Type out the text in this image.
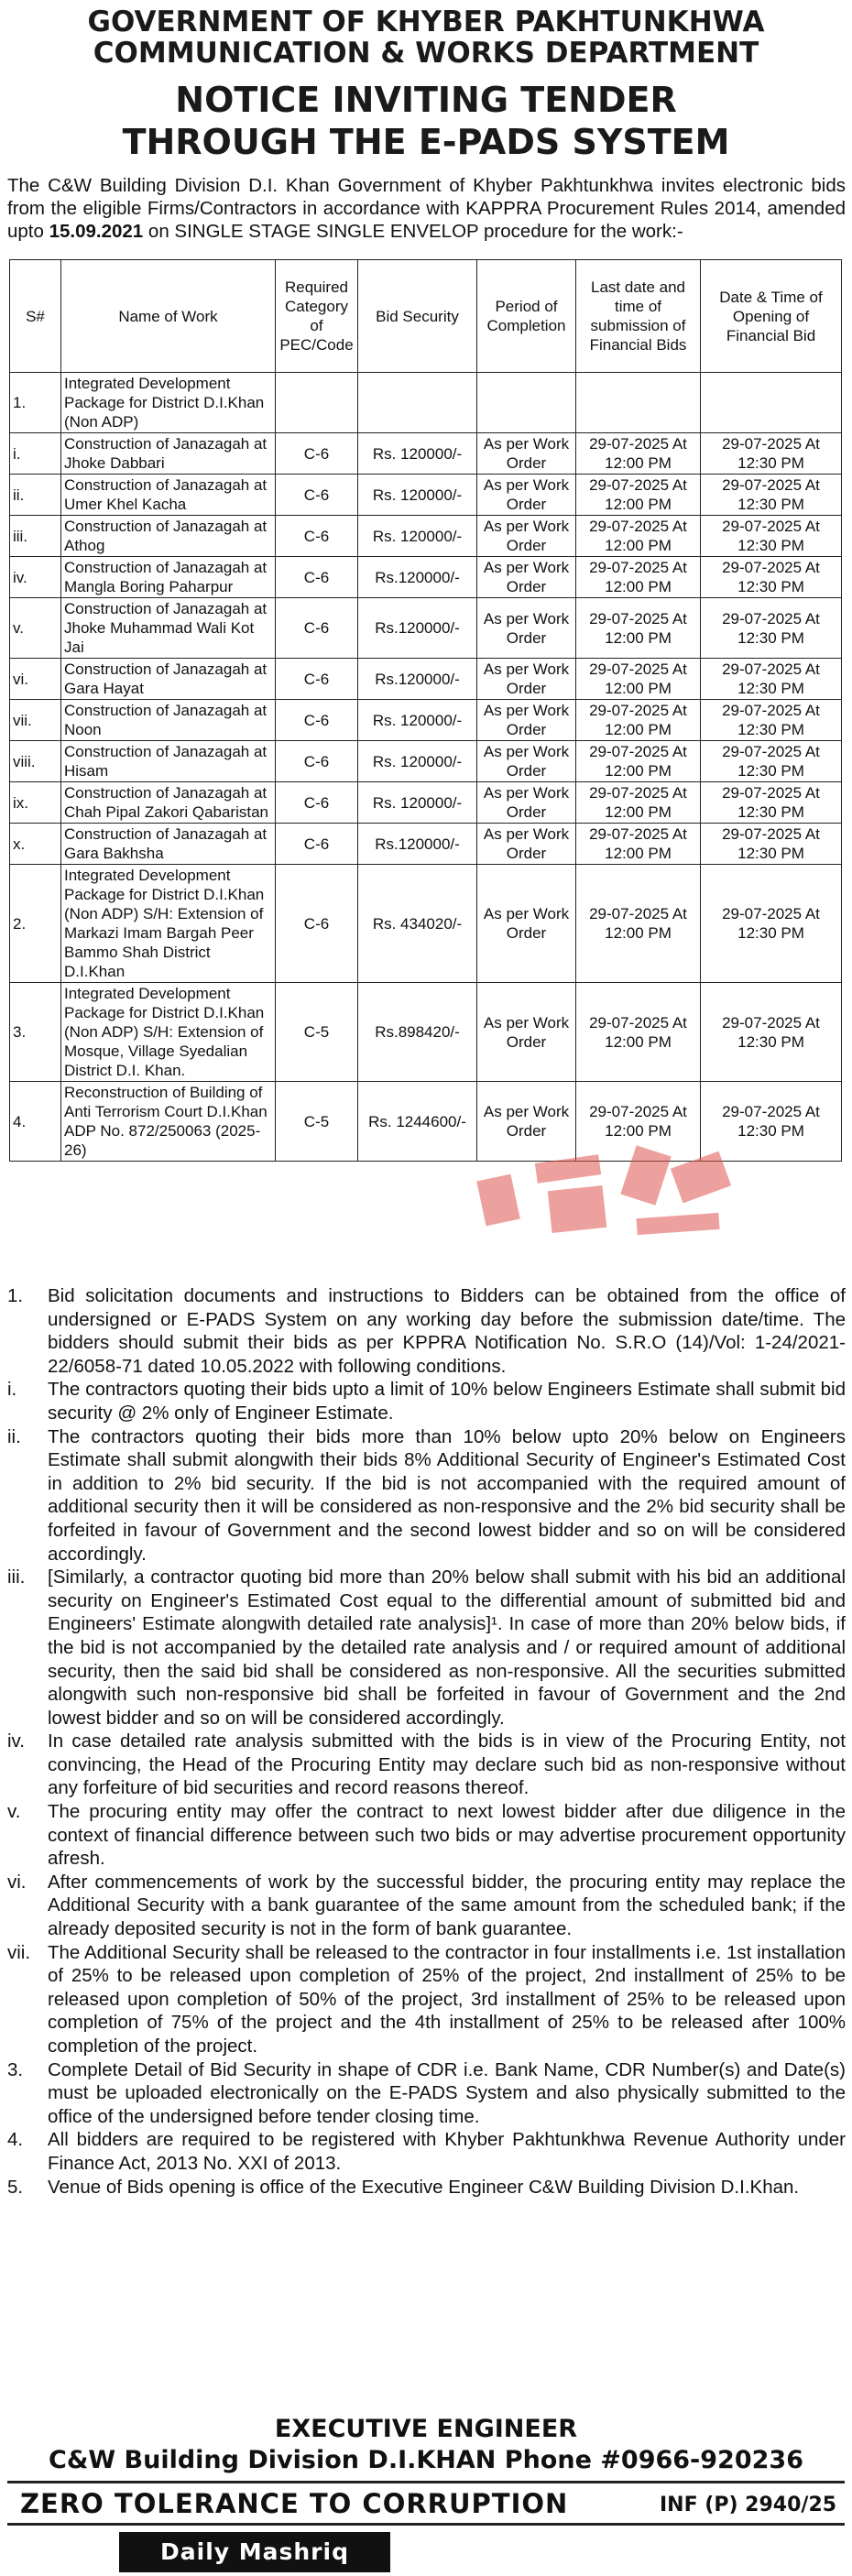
GOVERNMENT OF KHYBER PAKHTUNKHWA
COMMUNICATION & WORKS DEPARTMENT
NOTICE INVITING TENDER
THROUGH THE E-PADS SYSTEM
The C&W Building Division D.I. Khan Government of Khyber Pakhtunkhwa invites electronic bids from the eligible Firms/Contractors in accordance with KAPPRA Procurement Rules 2014, amended upto 15.09.2021 on SINGLE STAGE SINGLE ENVELOP procedure for the work:-
S#	Name of Work	Required Category of PEC/Code	Bid Security	Period of Completion	Last date and time of submission of Financial Bids	Date & Time of Opening of Financial Bid
1.	Integrated Development Package for District D.I.Khan (Non ADP)					
i.	Construction of Janazagah at Jhoke Dabbari	C-6	Rs. 120000/-	As per Work Order	29-07-2025 At 12:00 PM	29-07-2025 At 12:30 PM
ii.	Construction of Janazagah at Umer Khel Kacha	C-6	Rs. 120000/-	As per Work Order	29-07-2025 At 12:00 PM	29-07-2025 At 12:30 PM
iii.	Construction of Janazagah at Athog	C-6	Rs. 120000/-	As per Work Order	29-07-2025 At 12:00 PM	29-07-2025 At 12:30 PM
iv.	Construction of Janazagah at Mangla Boring Paharpur	C-6	Rs.120000/-	As per Work Order	29-07-2025 At 12:00 PM	29-07-2025 At 12:30 PM
v.	Construction of Janazagah at Jhoke Muhammad Wali Kot Jai	C-6	Rs.120000/-	As per Work Order	29-07-2025 At 12:00 PM	29-07-2025 At 12:30 PM
vi.	Construction of Janazagah at Gara Hayat	C-6	Rs.120000/-	As per Work Order	29-07-2025 At 12:00 PM	29-07-2025 At 12:30 PM
vii.	Construction of Janazagah at Noon	C-6	Rs. 120000/-	As per Work Order	29-07-2025 At 12:00 PM	29-07-2025 At 12:30 PM
viii.	Construction of Janazagah at Hisam	C-6	Rs. 120000/-	As per Work Order	29-07-2025 At 12:00 PM	29-07-2025 At 12:30 PM
ix.	Construction of Janazagah at Chah Pipal Zakori Qabaristan	C-6	Rs. 120000/-	As per Work Order	29-07-2025 At 12:00 PM	29-07-2025 At 12:30 PM
x.	Construction of Janazagah at Gara Bakhsha	C-6	Rs.120000/-	As per Work Order	29-07-2025 At 12:00 PM	29-07-2025 At 12:30 PM
2.	Integrated Development Package for District D.I.Khan (Non ADP) S/H: Extension of Markazi Imam Bargah Peer Bammo Shah District D.I.Khan	C-6	Rs. 434020/-	As per Work Order	29-07-2025 At 12:00 PM	29-07-2025 At 12:30 PM
3.	Integrated Development Package for District D.I.Khan (Non ADP) S/H: Extension of Mosque, Village Syedalian District D.I. Khan.	C-5	Rs.898420/-	As per Work Order	29-07-2025 At 12:00 PM	29-07-2025 At 12:30 PM
4.	Reconstruction of Building of Anti Terrorism Court D.I.Khan ADP No. 872/250063 (2025-26)	C-5	Rs. 1244600/-	As per Work Order	29-07-2025 At 12:00 PM	29-07-2025 At 12:30 PM
1.	Bid solicitation documents and instructions to Bidders can be obtained from the office of undersigned or E-PADS System on any working day before the submission date/time. The bidders should submit their bids as per KPPRA Notification No. S.R.O (14)/Vol: 1-24/2021-22/6058-71 dated 10.05.2022 with following conditions.
i.	The contractors quoting their bids upto a limit of 10% below Engineers Estimate shall submit bid security @ 2% only of Engineer Estimate.
ii.	The contractors quoting their bids more than 10% below upto 20% below on Engineers Estimate shall submit alongwith their bids 8% Additional Security of Engineer's Estimated Cost in addition to 2% bid security. If the bid is not accompanied with the required amount of additional security then it will be considered as non-responsive and the 2% bid security shall be forfeited in favour of Government and the second lowest bidder and so on will be considered accordingly.
iii.	[Similarly, a contractor quoting bid more than 20% below shall submit with his bid an additional security on Engineer's Estimated Cost equal to the differential amount of submitted bid and Engineers' Estimate alongwith detailed rate analysis]¹. In case of more than 20% below bids, if the bid is not accompanied by the detailed rate analysis and / or required amount of additional security, then the said bid shall be considered as non-responsive. All the securities submitted alongwith such non-responsive bid shall be forfeited in favour of Government and the 2nd lowest bidder and so on will be considered accordingly.
iv.	In case detailed rate analysis submitted with the bids is in view of the Procuring Entity, not convincing, the Head of the Procuring Entity may declare such bid as non-responsive without any forfeiture of bid securities and record reasons thereof.
v.	The procuring entity may offer the contract to next lowest bidder after due diligence in the context of financial difference between such two bids or may advertise procurement opportunity afresh.
vi.	After commencements of work by the successful bidder, the procuring entity may replace the Additional Security with a bank guarantee of the same amount from the scheduled bank; if the already deposited security is not in the form of bank guarantee.
vii. The Additional Security shall be released to the contractor in four installments i.e. 1st installation of 25% to be released upon completion of 25% of the project, 2nd installment of 25% to be released upon completion of 50% of the project, 3rd installment of 25% to be released upon completion of 75% of the project and the 4th installment of 25% to be released after 100% completion of the project.
3.	Complete Detail of Bid Security in shape of CDR i.e. Bank Name, CDR Number(s) and Date(s) must be uploaded electronically on the E-PADS System and also physically submitted to the office of the undersigned before tender closing time.
4.	All bidders are required to be registered with Khyber Pakhtunkhwa Revenue Authority under Finance Act, 2013 No. XXI of 2013.
5.	Venue of Bids opening is office of the Executive Engineer C&W Building Division D.I.Khan.
EXECUTIVE ENGINEER
C&W Building Division D.I.KHAN Phone #0966-920236
ZERO TOLERANCE TO CORRUPTION	INF (P) 2940/25
Daily Mashriq
